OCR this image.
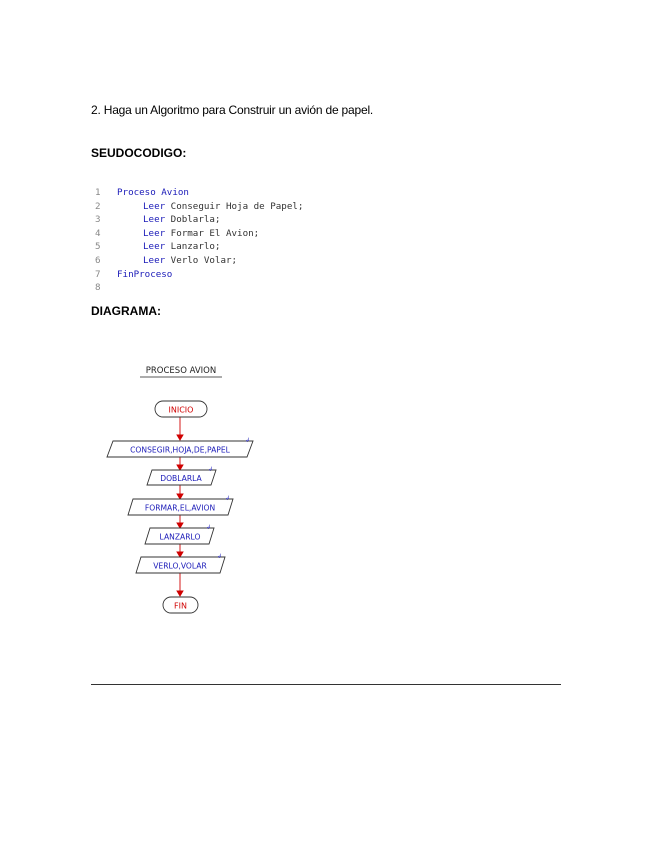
2. Haga un Algoritmo para Construir un avión de papel.
SEUDOCODIGO:
1 Proceso Avion
2	Leer Conseguir Hoja de Papel;
3	Leer Doblarla;
4	Leer Formar El Avion;
5	Leer Lanzarlo;
6	Leer Verlo Volar;
7 FinProceso
8
DIAGRAMA:
PROCESO AVION
INICIO
CONSEGIR,HOJA,DE,PAPEL
↲
DOBLARLA
↲
FORMAR,EL,AVION
↲
LANZARLO
↲
VERLO,VOLAR
↲
FIN
